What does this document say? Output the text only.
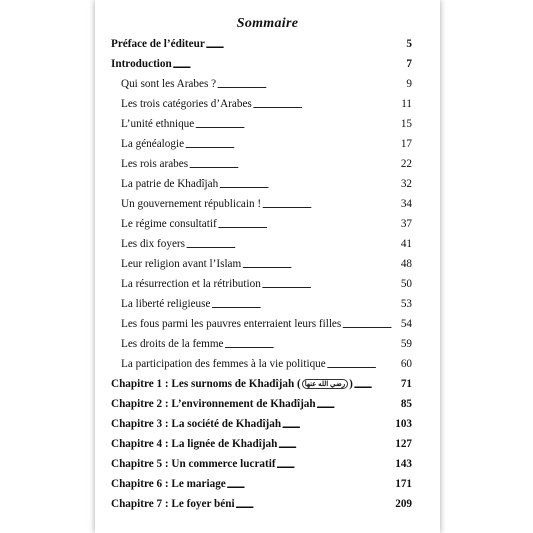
Sommaire
Préface de l’éditeur . . .	5
Introduction . . .	7
Qui sont les Arabes ? . . .	9
Les trois catégories d’Arabes . . .	11
L’unité ethnique . . .	15
La généalogie . . .	17
Les rois arabes . . .	22
La patrie de Khadîjah . . .	32
Un gouvernement républicain ! . . .	34
Le régime consultatif . . .	37
Les dix foyers . . .	41
Leur religion avant l’Islam . . .	48
La résurrection et la rétribution . . .	50
La liberté religieuse . . .	53
Les fous parmi les pauvres enterraient leurs filles . . .	54
Les droits de la femme . . .	59
La participation des femmes à la vie politique . . .	60
Chapitre 1 : Les surnoms de Khadîjah ( رضي الله عنها ) . . .	71
Chapitre 2 : L’environnement de Khadîjah . . .	85
Chapitre 3 : La société de Khadîjah . . .	103
Chapitre 4 : La lignée de Khadîjah . . .	127
Chapitre 5 : Un commerce lucratif . . .	143
Chapitre 6 : Le mariage . . .	171
Chapitre 7 : Le foyer béni . . .	209
